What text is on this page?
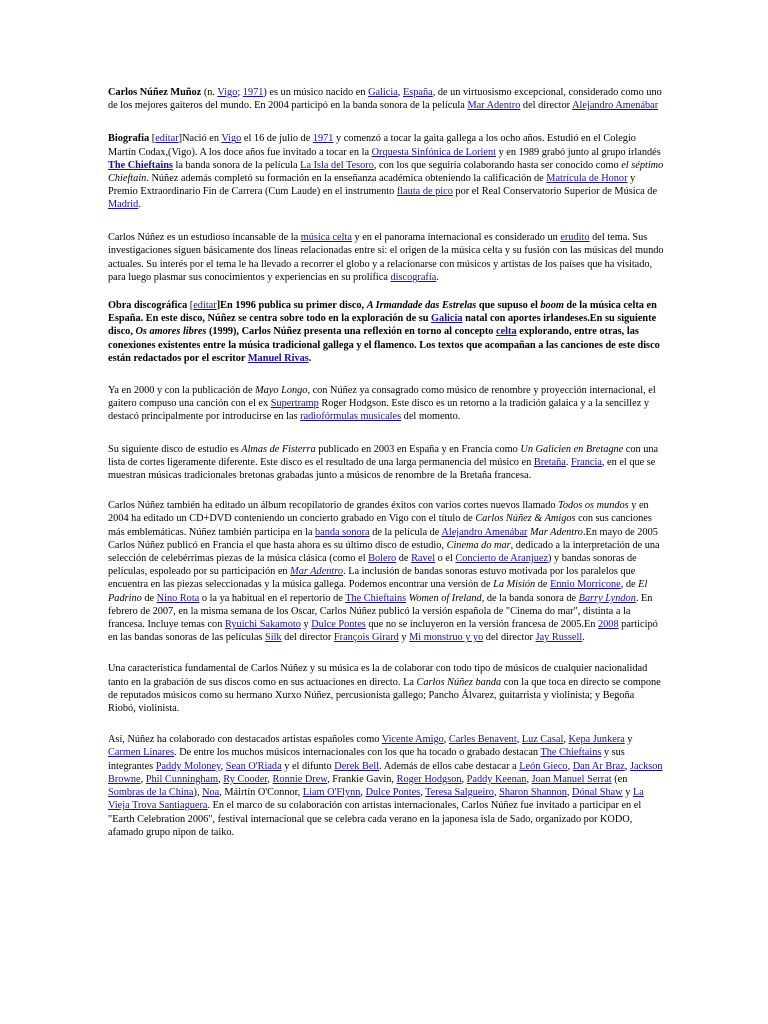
Carlos Núñez Muñoz (n. Vigo; 1971) es un músico nacido en Galicia, España, de un virtuosismo excepcional, considerado como uno de los mejores gaiteros del mundo. En 2004 participó en la banda sonora de la película Mar Adentro del director Alejandro Amenábar

Biografía [editar]Nació en Vigo el 16 de julio de 1971 y comenzó a tocar la gaita gallega a los ocho años. Estudió en el Colegio Martín Codax,(Vigo). A los doce años fue invitado a tocar en la Orquesta Sinfónica de Lorient y en 1989 grabó junto al grupo irlandés The Chieftains la banda sonora de la película La Isla del Tesoro, con los que seguiría colaborando hasta ser conocido como el séptimo Chieftain. Núñez además completó su formación en la enseñanza académica obteniendo la calificación de Matrícula de Honor y Premio Extraordinario Fin de Carrera (Cum Laude) en el instrumento flauta de pico por el Real Conservatorio Superior de Música de Madrid.

Carlos Núñez es un estudioso incansable de la música celta y en el panorama internacional es considerado un erudito del tema. Sus investigaciones siguen básicamente dos líneas relacionadas entre sí: el origen de la música celta y su fusión con las músicas del mundo actuales. Su interés por el tema le ha llevado a recorrer el globo y a relacionarse con músicos y artistas de los países que ha visitado, para luego plasmar sus conocimientos y experiencias en su prolífica discografía.

Obra discográfica [editar]En 1996 publica su primer disco, A Irmandade das Estrelas que supuso el boom de la música celta en España. En este disco, Núñez se centra sobre todo en la exploración de su Galicia natal con aportes irlandeses.En su siguiente disco, Os amores libres (1999), Carlos Núñez presenta una reflexión en torno al concepto celta explorando, entre otras, las conexiones existentes entre la música tradicional gallega y el flamenco. Los textos que acompañan a las canciones de este disco están redactados por el escritor Manuel Rivas.

Ya en 2000 y con la publicación de Mayo Longo, con Núñez ya consagrado como músico de renombre y proyección internacional, el gaitero compuso una canción con el ex Supertramp Roger Hodgson. Este disco es un retorno a la tradición galaica y a la sencillez y destacó principalmente por introducirse en las radiofórmulas musicales del momento.

Su siguiente disco de estudio es Almas de Fisterra publicado en 2003 en España y en Francia como Un Galicien en Bretagne con una lista de cortes ligeramente diferente. Este disco es el resultado de una larga permanencia del músico en Bretaña. Francia, en el que se muestran músicas tradicionales bretonas grabadas junto a músicos de renombre de la Bretaña francesa.

Carlos Núñez también ha editado un álbum recopilatorio de grandes éxitos con varios cortes nuevos llamado Todos os mundos y en 2004 ha editado un CD+DVD conteniendo un concierto grabado en Vigo con el título de Carlos Núñez & Amigos con sus canciones más emblemáticas. Núñez también participa en la banda sonora de la película de Alejandro Amenábar Mar Adentro.En mayo de 2005 Carlos Núñez publicó en Francia el que hasta ahora es su último disco de estudio, Cinema do mar, dedicado a la interpretación de una selección de celebérrimas piezas de la música clásica (como el Bolero de Ravel o el Concierto de Aranjuez) y bandas sonoras de películas, espoleado por su participación en Mar Adentro. La inclusión de bandas sonoras estuvo motivada por los paralelos que encuentra en las piezas seleccionadas y la música gallega. Podemos encontrar una versión de La Misión de Ennio Morricone, de El Padrino de Nino Rota o la ya habitual en el repertorio de The Chieftains Women of Ireland, de la banda sonora de Barry Lyndon. En febrero de 2007, en la misma semana de los Oscar, Carlos Núñez publicó la versión española de "Cinema do mar", distinta a la francesa. Incluye temas con Ryuichi Sakamoto y Dulce Pontes que no se incluyeron en la versión francesa de 2005.En 2008 participó en las bandas sonoras de las películas Silk del director François Girard y Mi monstruo y yo del director Jay Russell.

Una característica fundamental de Carlos Núñez y su música es la de colaborar con todo tipo de músicos de cualquier nacionalidad tanto en la grabación de sus discos como en sus actuaciones en directo. La Carlos Núñez banda con la que toca en directo se compone de reputados músicos como su hermano Xurxo Núñez, percusionista gallego; Pancho Álvarez, guitarrista y violinista; y Begoña Riobó, violinista.

Así, Núñez ha colaborado con destacados artistas españoles como Vicente Amigo, Carles Benavent, Luz Casal, Kepa Junkera y Carmen Linares. De entre los muchos músicos internacionales con los que ha tocado o grabado destacan The Chieftains y sus integrantes Paddy Moloney, Sean O'Riada y el difunto Derek Bell. Además de ellos cabe destacar a León Gieco, Dan Ar Braz, Jackson Browne, Phil Cunningham, Ry Cooder, Ronnie Drew, Frankie Gavin, Roger Hodgson, Paddy Keenan, Joan Manuel Serrat (en Sombras de la China), Noa, Máirtín O'Connor, Liam O'Flynn, Dulce Pontes, Teresa Salgueiro, Sharon Shannon, Dónal Shaw y La Vieja Trova Santiaguera. En el marco de su colaboración con artistas internacionales, Carlos Núñez fue invitado a participar en el "Earth Celebration 2006", festival internacional que se celebra cada verano en la japonesa isla de Sado, organizado por KODO, afamado grupo nipon de taiko.
